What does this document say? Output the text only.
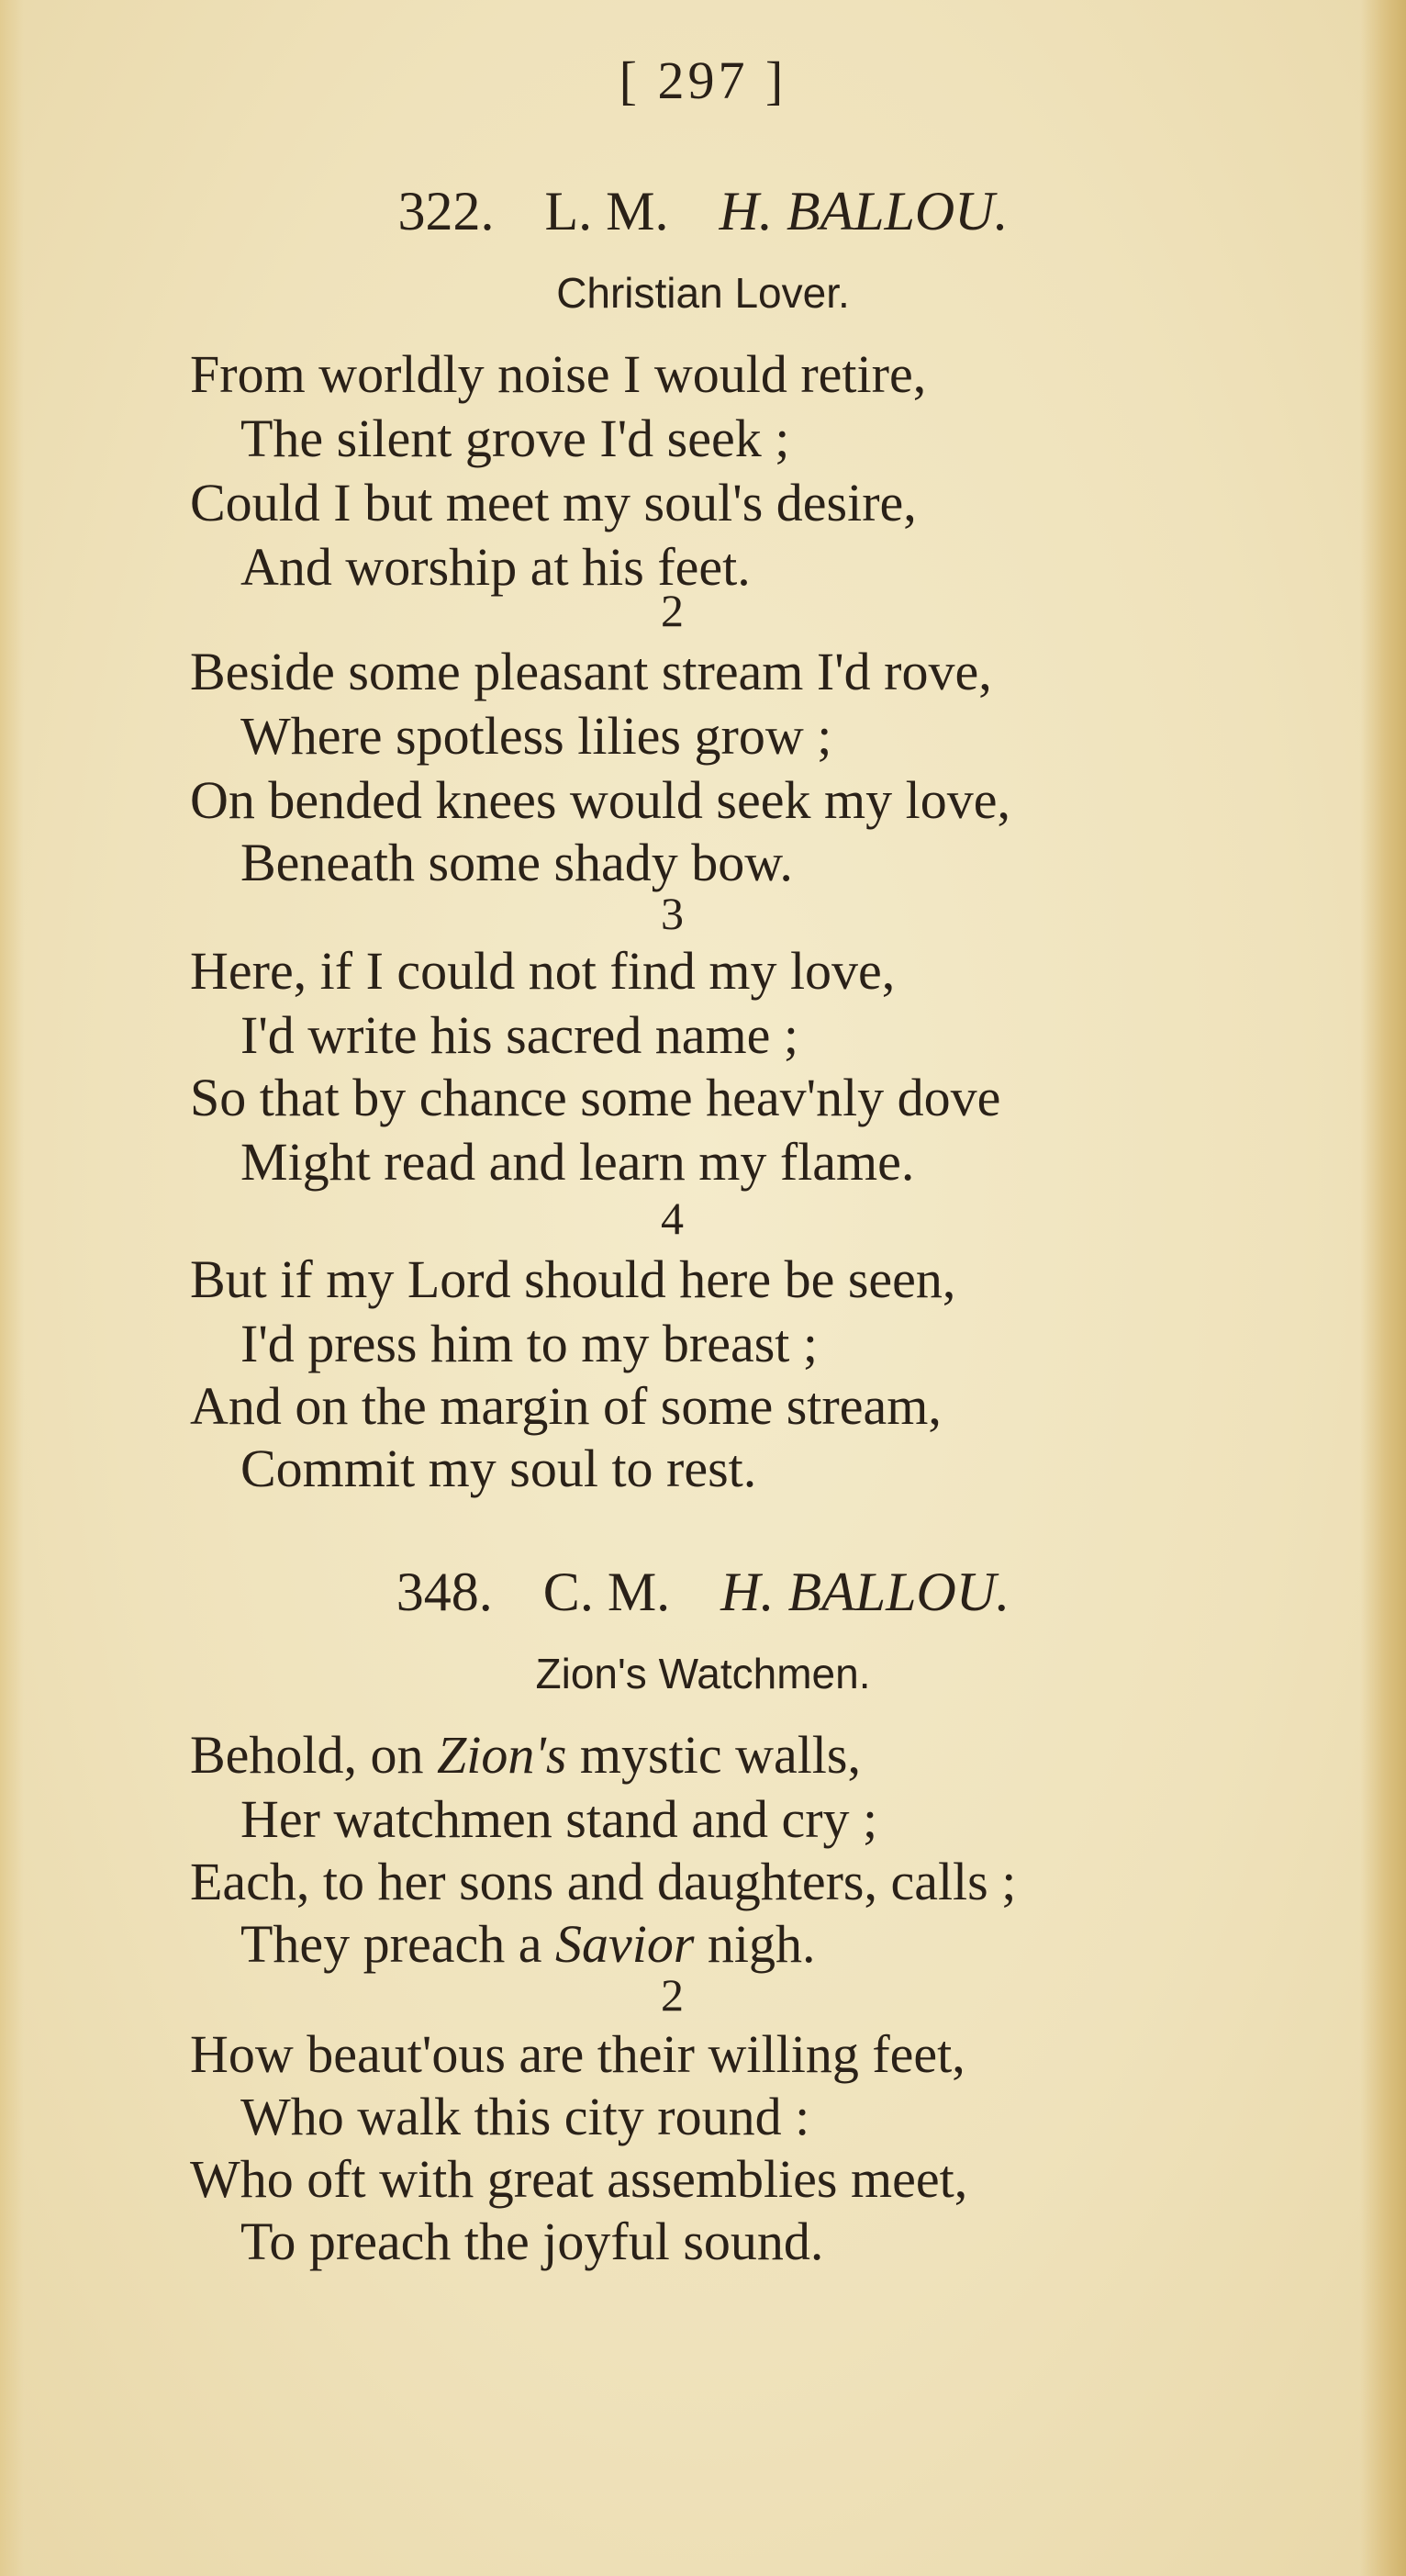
[ 297 ]
322. L. M. H. BALLOU.
Christian Lover.
From worldly noise I would retire,
The silent grove I'd seek ;
Could I but meet my soul's desire,
And worship at his feet.
2
Beside some pleasant stream I'd rove,
Where spotless lilies grow ;
On bended knees would seek my love,
Beneath some shady bow.
3
Here, if I could not find my love,
I'd write his sacred name ;
So that by chance some heav'nly dove
Might read and learn my flame.
4
But if my Lord should here be seen,
I'd press him to my breast ;
And on the margin of some stream,
Commit my soul to rest.
348. C. M. H. BALLOU.
Zion's Watchmen.
Behold, on Zion's mystic walls,
Her watchmen stand and cry ;
Each, to her sons and daughters, calls ;
They preach a Savior nigh.
2
How beaut'ous are their willing feet,
Who walk this city round :
Who oft with great assemblies meet,
To preach the joyful sound.
